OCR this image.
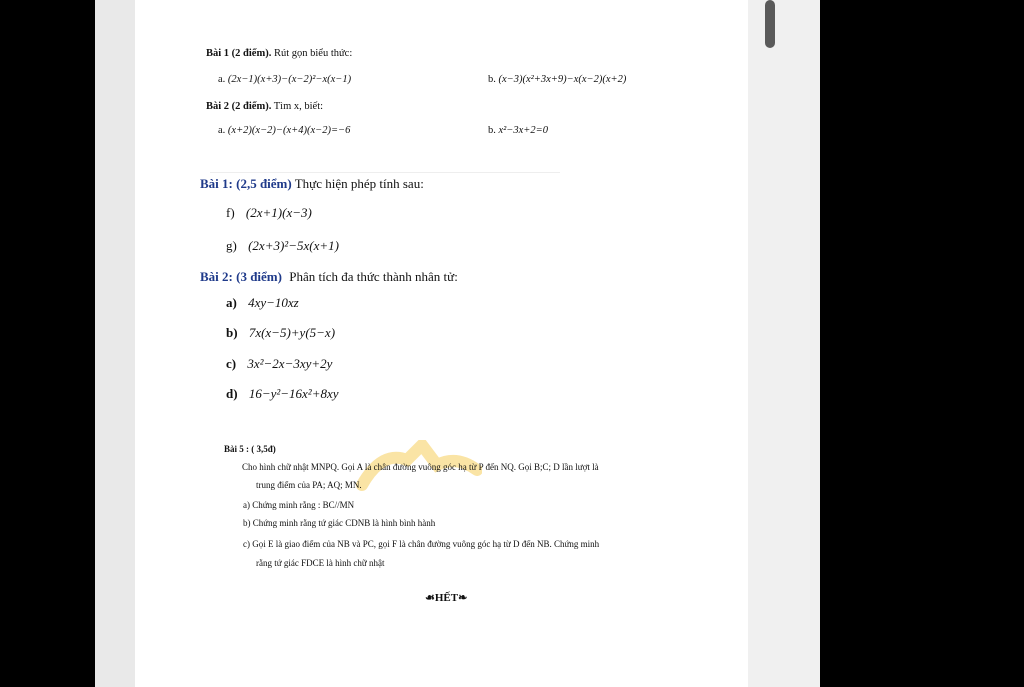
Bài 1 (2 điểm). Rút gọn biểu thức:
a. (2x−1)(x+3)−(x−2)²−x(x−1)	b. (x−3)(x²+3x+9)−x(x−2)(x+2)
Bài 2 (2 điểm). Tìm x, biết:
a. (x+2)(x−2)−(x+4)(x−2)=−6	b. x²−3x+2=0
Bài 1: (2,5 điểm) Thực hiện phép tính sau:
f) (2x+1)(x−3)
g) (2x+3)²−5x(x+1)
Bài 2: (3 điểm) Phân tích đa thức thành nhân tử:
a) 4xy−10xz
b) 7x(x−5)+y(5−x)
c) 3x²−2x−3xy+2y
d) 16−y²−16x²+8xy
Bài 5 : ( 3,5đ)
Cho hình chữ nhật MNPQ. Gọi A là chân đường vuông góc hạ từ P đến NQ. Gọi B;C; D lần lượt là
trung điểm của PA; AQ; MN.
a) Chứng minh rằng : BC//MN
b) Chứng minh rằng tứ giác CDNB là hình bình hành
c) Gọi E là giao điểm của NB và PC, gọi F là chân đường vuông góc hạ từ D đến NB. Chứng minh
rằng tứ giác FDCE là hình chữ nhật
☙HẾT❧
